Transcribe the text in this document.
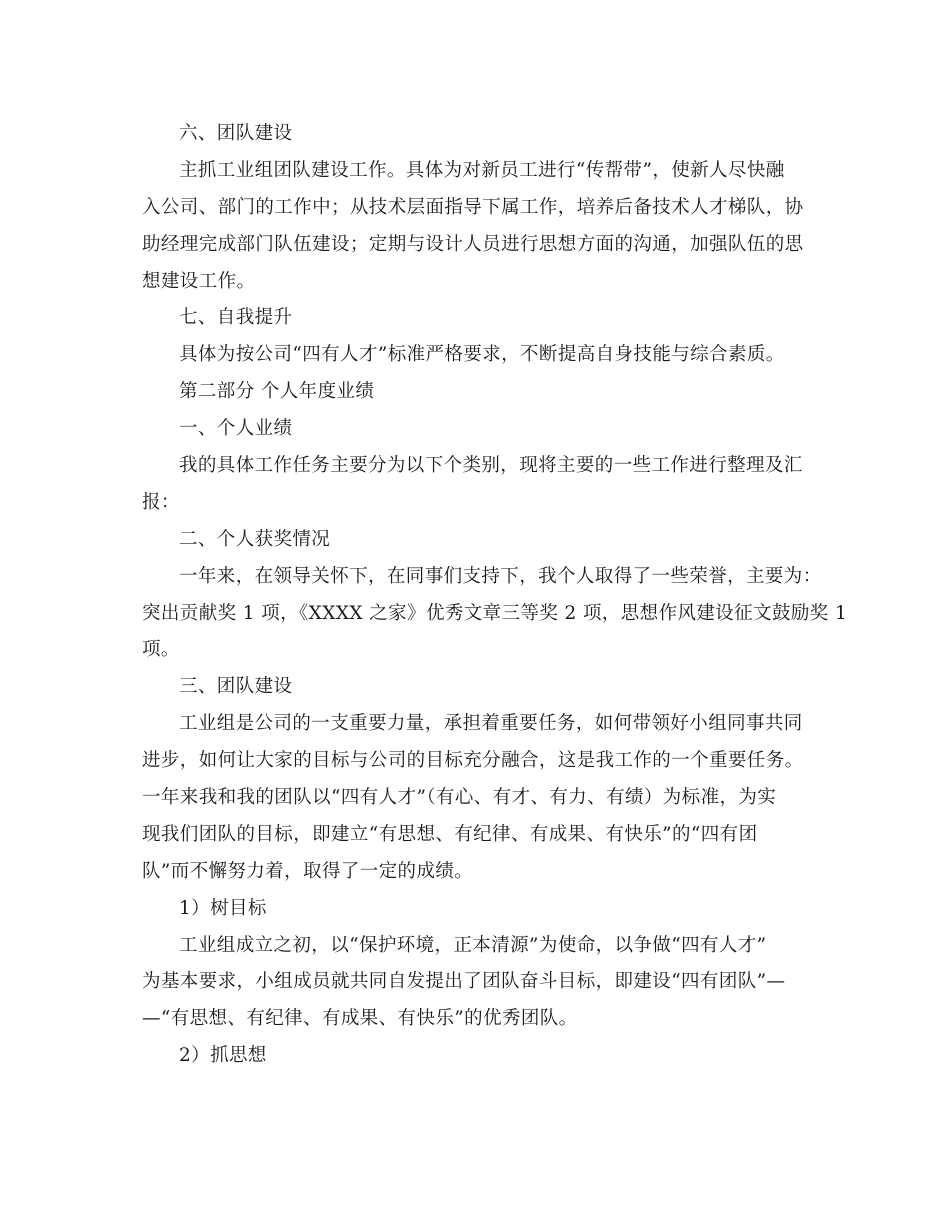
六、团队建设
主抓工业组团队建设工作。具体为对新员工进行“传帮带”，使新人尽快融
入公司、部门的工作中；从技术层面指导下属工作，培养后备技术人才梯队，协
助经理完成部门队伍建设；定期与设计人员进行思想方面的沟通，加强队伍的思
想建设工作。
七、自我提升
具体为按公司“四有人才”标准严格要求，不断提高自身技能与综合素质。
第二部分 个人年度业绩
一、个人业绩
我的具体工作任务主要分为以下个类别，现将主要的一些工作进行整理及汇
报：
二、个人获奖情况
一年来，在领导关怀下，在同事们支持下，我个人取得了一些荣誉，主要为：
突出贡献奖 1 项，《XXXX 之家》优秀文章三等奖 2 项，思想作风建设征文鼓励奖 1
项。
三、团队建设
工业组是公司的一支重要力量，承担着重要任务，如何带领好小组同事共同
进步，如何让大家的目标与公司的目标充分融合，这是我工作的一个重要任务。
一年来我和我的团队以“四有人才”（有心、有才、有力、有绩）为标准，为实
现我们团队的目标，即建立“有思想、有纪律、有成果、有快乐”的“四有团
队”而不懈努力着，取得了一定的成绩。
1）树目标
工业组成立之初，以“保护环境，正本清源”为使命，以争做“四有人才”
为基本要求，小组成员就共同自发提出了团队奋斗目标，即建设“四有团队”—
—“有思想、有纪律、有成果、有快乐”的优秀团队。
2）抓思想
